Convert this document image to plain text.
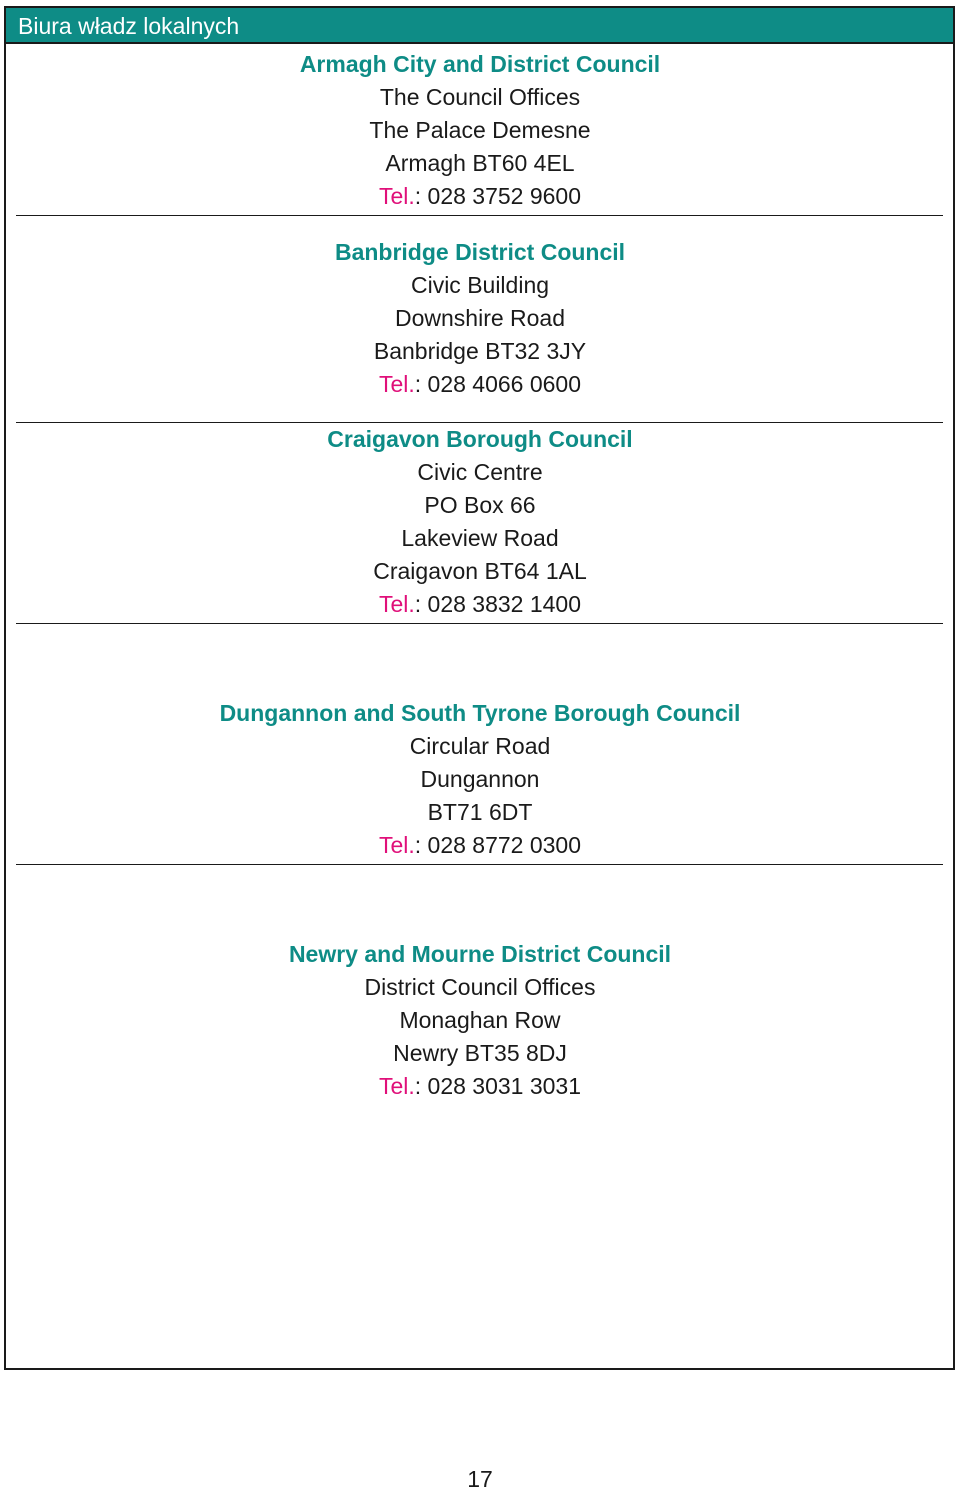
Biura władz lokalnych
Armagh City and District Council
The Council Offices
The Palace Demesne
Armagh BT60 4EL
Tel.: 028 3752 9600
Banbridge District Council
Civic Building
Downshire Road
Banbridge BT32 3JY
Tel.: 028 4066 0600
Craigavon Borough Council
Civic Centre
PO Box 66
Lakeview Road
Craigavon BT64 1AL
Tel.: 028 3832 1400
Dungannon and South Tyrone Borough Council
Circular Road
Dungannon
BT71 6DT
Tel.: 028 8772 0300
Newry and Mourne District Council
District Council Offices
Monaghan Row
Newry BT35 8DJ
Tel.: 028 3031 3031
17
